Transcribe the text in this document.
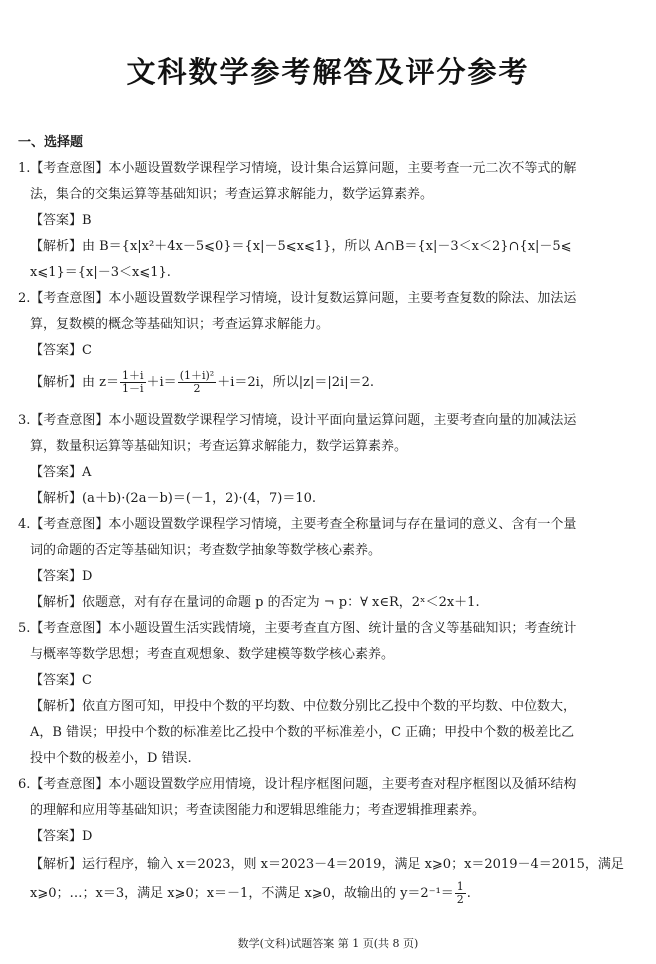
文科数学参考解答及评分参考
一、选择题
1.【考查意图】本小题设置数学课程学习情境，设计集合运算问题，主要考查一元二次不等式的解
法，集合的交集运算等基础知识；考查运算求解能力，数学运算素养。
【答案】B
【解析】由 B＝{x|x²＋4x－5⩽0}＝{x|－5⩽x⩽1}，所以 A∩B＝{x|－3＜x＜2}∩{x|－5⩽
x⩽1}＝{x|－3＜x⩽1}.
2.【考查意图】本小题设置数学课程学习情境，设计复数运算问题，主要考查复数的除法、加法运
算，复数模的概念等基础知识；考查运算求解能力。
【答案】C
【解析】由 $z= \frac{1+i}{1-i} +i= \frac{\text{(1＋i)²}}{2} +i=2i$，所以|z|＝|2i|＝2.
3.【考查意图】本小题设置数学课程学习情境，设计平面向量运算问题，主要考查向量的加减法运
算，数量积运算等基础知识；考查运算求解能力，数学运算素养。
【答案】A
【解析】(a＋b)·(2a－b)＝(－1，2)·(4，7)＝10.
4.【考查意图】本小题设置数学课程学习情境，主要考查全称量词与存在量词的意义、含有一个量
词的命题的否定等基础知识；考查数学抽象等数学核心素养。
【答案】D
【解析】依题意，对有存在量词的命题 p 的否定为 ¬ p：∀ x∈R，2ˣ＜2x＋1.
5.【考查意图】本小题设置生活实践情境，主要考查直方图、统计量的含义等基础知识；考查统计
与概率等数学思想；考查直观想象、数学建模等数学核心素养。
【答案】C
【解析】依直方图可知，甲投中个数的平均数、中位数分别比乙投中个数的平均数、中位数大，
A，B 错误；甲投中个数的标准差比乙投中个数的平标准差小，C 正确；甲投中个数的极差比乙
投中个数的极差小，D 错误.
6.【考查意图】本小题设置数学应用情境，设计程序框图问题，主要考查对程序框图以及循环结构
的理解和应用等基础知识；考查读图能力和逻辑思维能力；考查逻辑推理素养。
【答案】D
【解析】运行程序，输入 x＝2023，则 x＝2023－4＝2019，满足 x⩾0；x＝2019－4＝2015，满足
x⩾0；…；x＝3，满足 x⩾0；x＝－1，不满足 x⩾0，故输出的 $y=2^{-1}= \frac{1}{2}$ .
数学(文科)试题答案 第 1 页(共 8 页)
